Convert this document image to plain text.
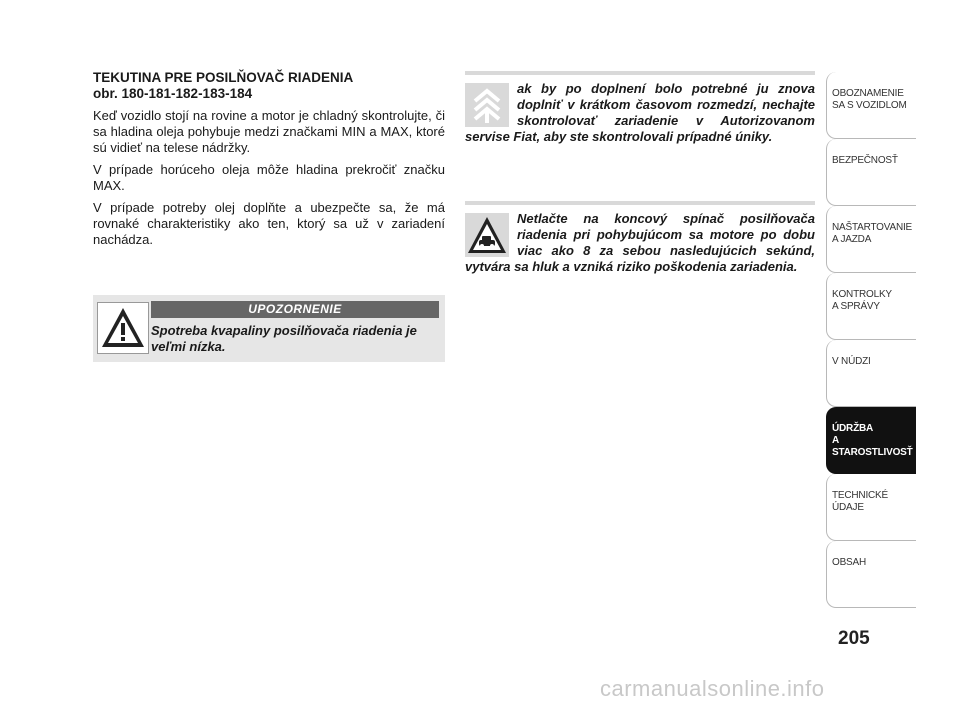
TEKUTINA PRE POSILŇOVAČ RIADENIA

obr. 180-181-182-183-184

Keď vozidlo stojí na rovine a motor je chladný skontrolujte, či sa hladina oleja pohybuje medzi značkami MIN a MAX, ktoré sú vidieť na telese nádržky.

V prípade horúceho oleja môže hladina prekročiť značku MAX.

V prípade potreby olej doplňte a ubezpečte sa, že má rovnaké charakteristiky ako ten, ktorý sa už v zariadení nachádza.

UPOZORNENIE
Spotreba kvapaliny posilňovača riadenia je veľmi nízka.

ak by po doplnení bolo potrebné ju znova doplniť v krátkom časovom rozmedzí, nechajte skontrolovať zariadenie v Autorizovanom servise Fiat, aby ste skontrolovali prípadné úniky.

Netlačte na koncový spínač posilňovača riadenia pri pohybujúcom sa motore po dobu viac ako 8 za sebou nasledujúcich sekúnd, vytvára sa hluk a vzniká riziko poškodenia zariadenia.

OBOZNAMENIE
SA S VOZIDLOM
BEZPEČNOSŤ
NAŠTARTOVANIE
A JAZDA
KONTROLKY
A SPRÁVY
V NÚDZI
ÚDRŽBA
A STAROSTLIVOSŤ
TECHNICKÉ
ÚDAJE
OBSAH
205
carmanualsonline.info
